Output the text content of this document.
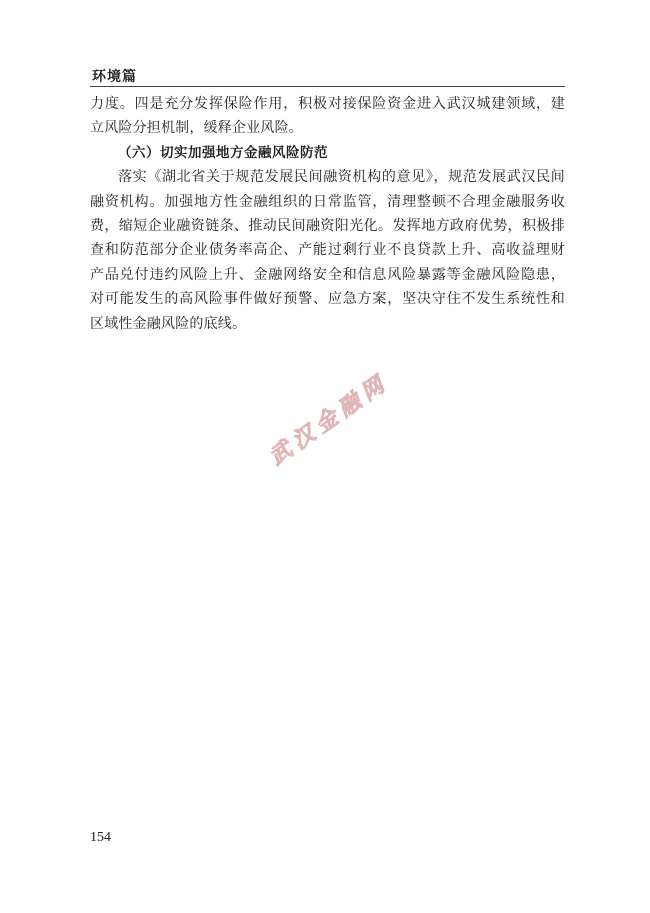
环境篇
力度。四是充分发挥保险作用，积极对接保险资金进入武汉城建领域，建
立风险分担机制，缓释企业风险。
（六）切实加强地方金融风险防范
落实《湖北省关于规范发展民间融资机构的意见》，规范发展武汉民间
融资机构。加强地方性金融组织的日常监管，清理整顿不合理金融服务收
费，缩短企业融资链条、推动民间融资阳光化。发挥地方政府优势，积极排
查和防范部分企业债务率高企、产能过剩行业不良贷款上升、高收益理财
产品兑付违约风险上升、金融网络安全和信息风险暴露等金融风险隐患，
对可能发生的高风险事件做好预警、应急方案，坚决守住不发生系统性和
区域性金融风险的底线。
武汉金融网
154
